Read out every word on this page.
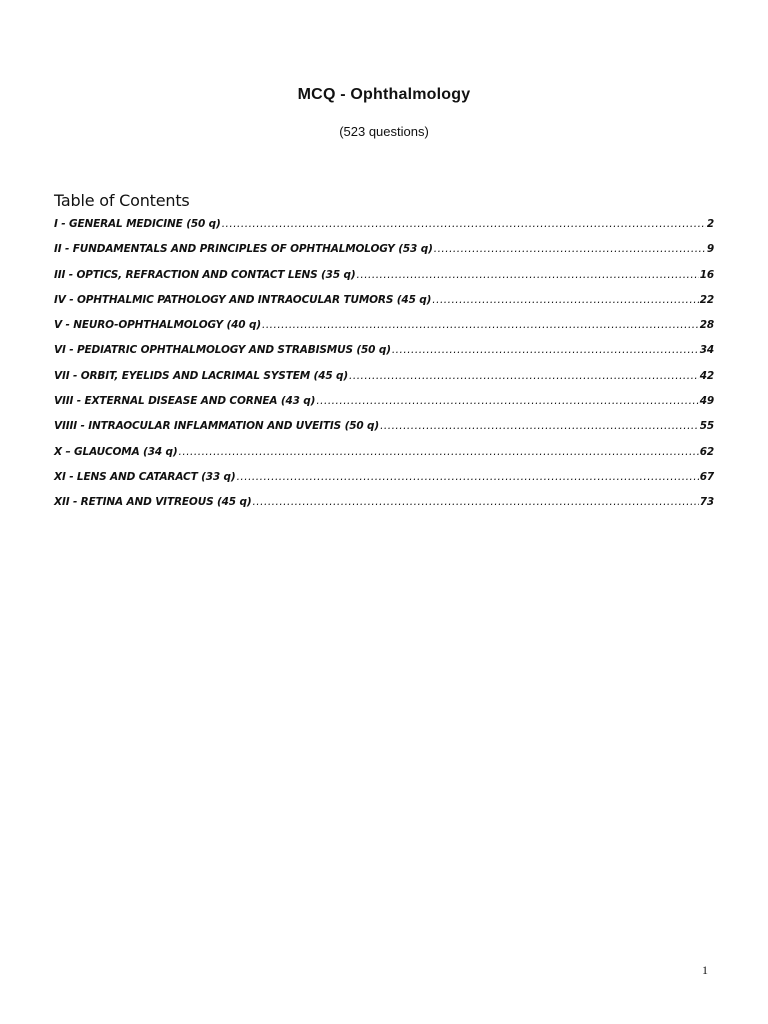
MCQ - Ophthalmology
(523 questions)
Table of Contents
I - GENERAL MEDICINE (50 q) .....	2
II - FUNDAMENTALS AND PRINCIPLES OF OPHTHALMOLOGY (53 q) .....	9
III - OPTICS, REFRACTION AND CONTACT LENS (35 q) .....	16
IV - OPHTHALMIC PATHOLOGY AND INTRAOCULAR TUMORS (45 q) .....	22
V - NEURO-OPHTHALMOLOGY (40 q) .....	28
VI - PEDIATRIC OPHTHALMOLOGY AND STRABISMUS (50 q) .....	34
VII - ORBIT, EYELIDS AND LACRIMAL SYSTEM (45 q) .....	42
VIII - EXTERNAL DISEASE AND CORNEA (43 q) .....	49
VIIII - INTRAOCULAR INFLAMMATION AND UVEITIS (50 q) .....	55
X – GLAUCOMA (34 q) .....	62
XI - LENS AND CATARACT (33 q) .....	67
XII - RETINA AND VITREOUS (45 q) .....	73
1
